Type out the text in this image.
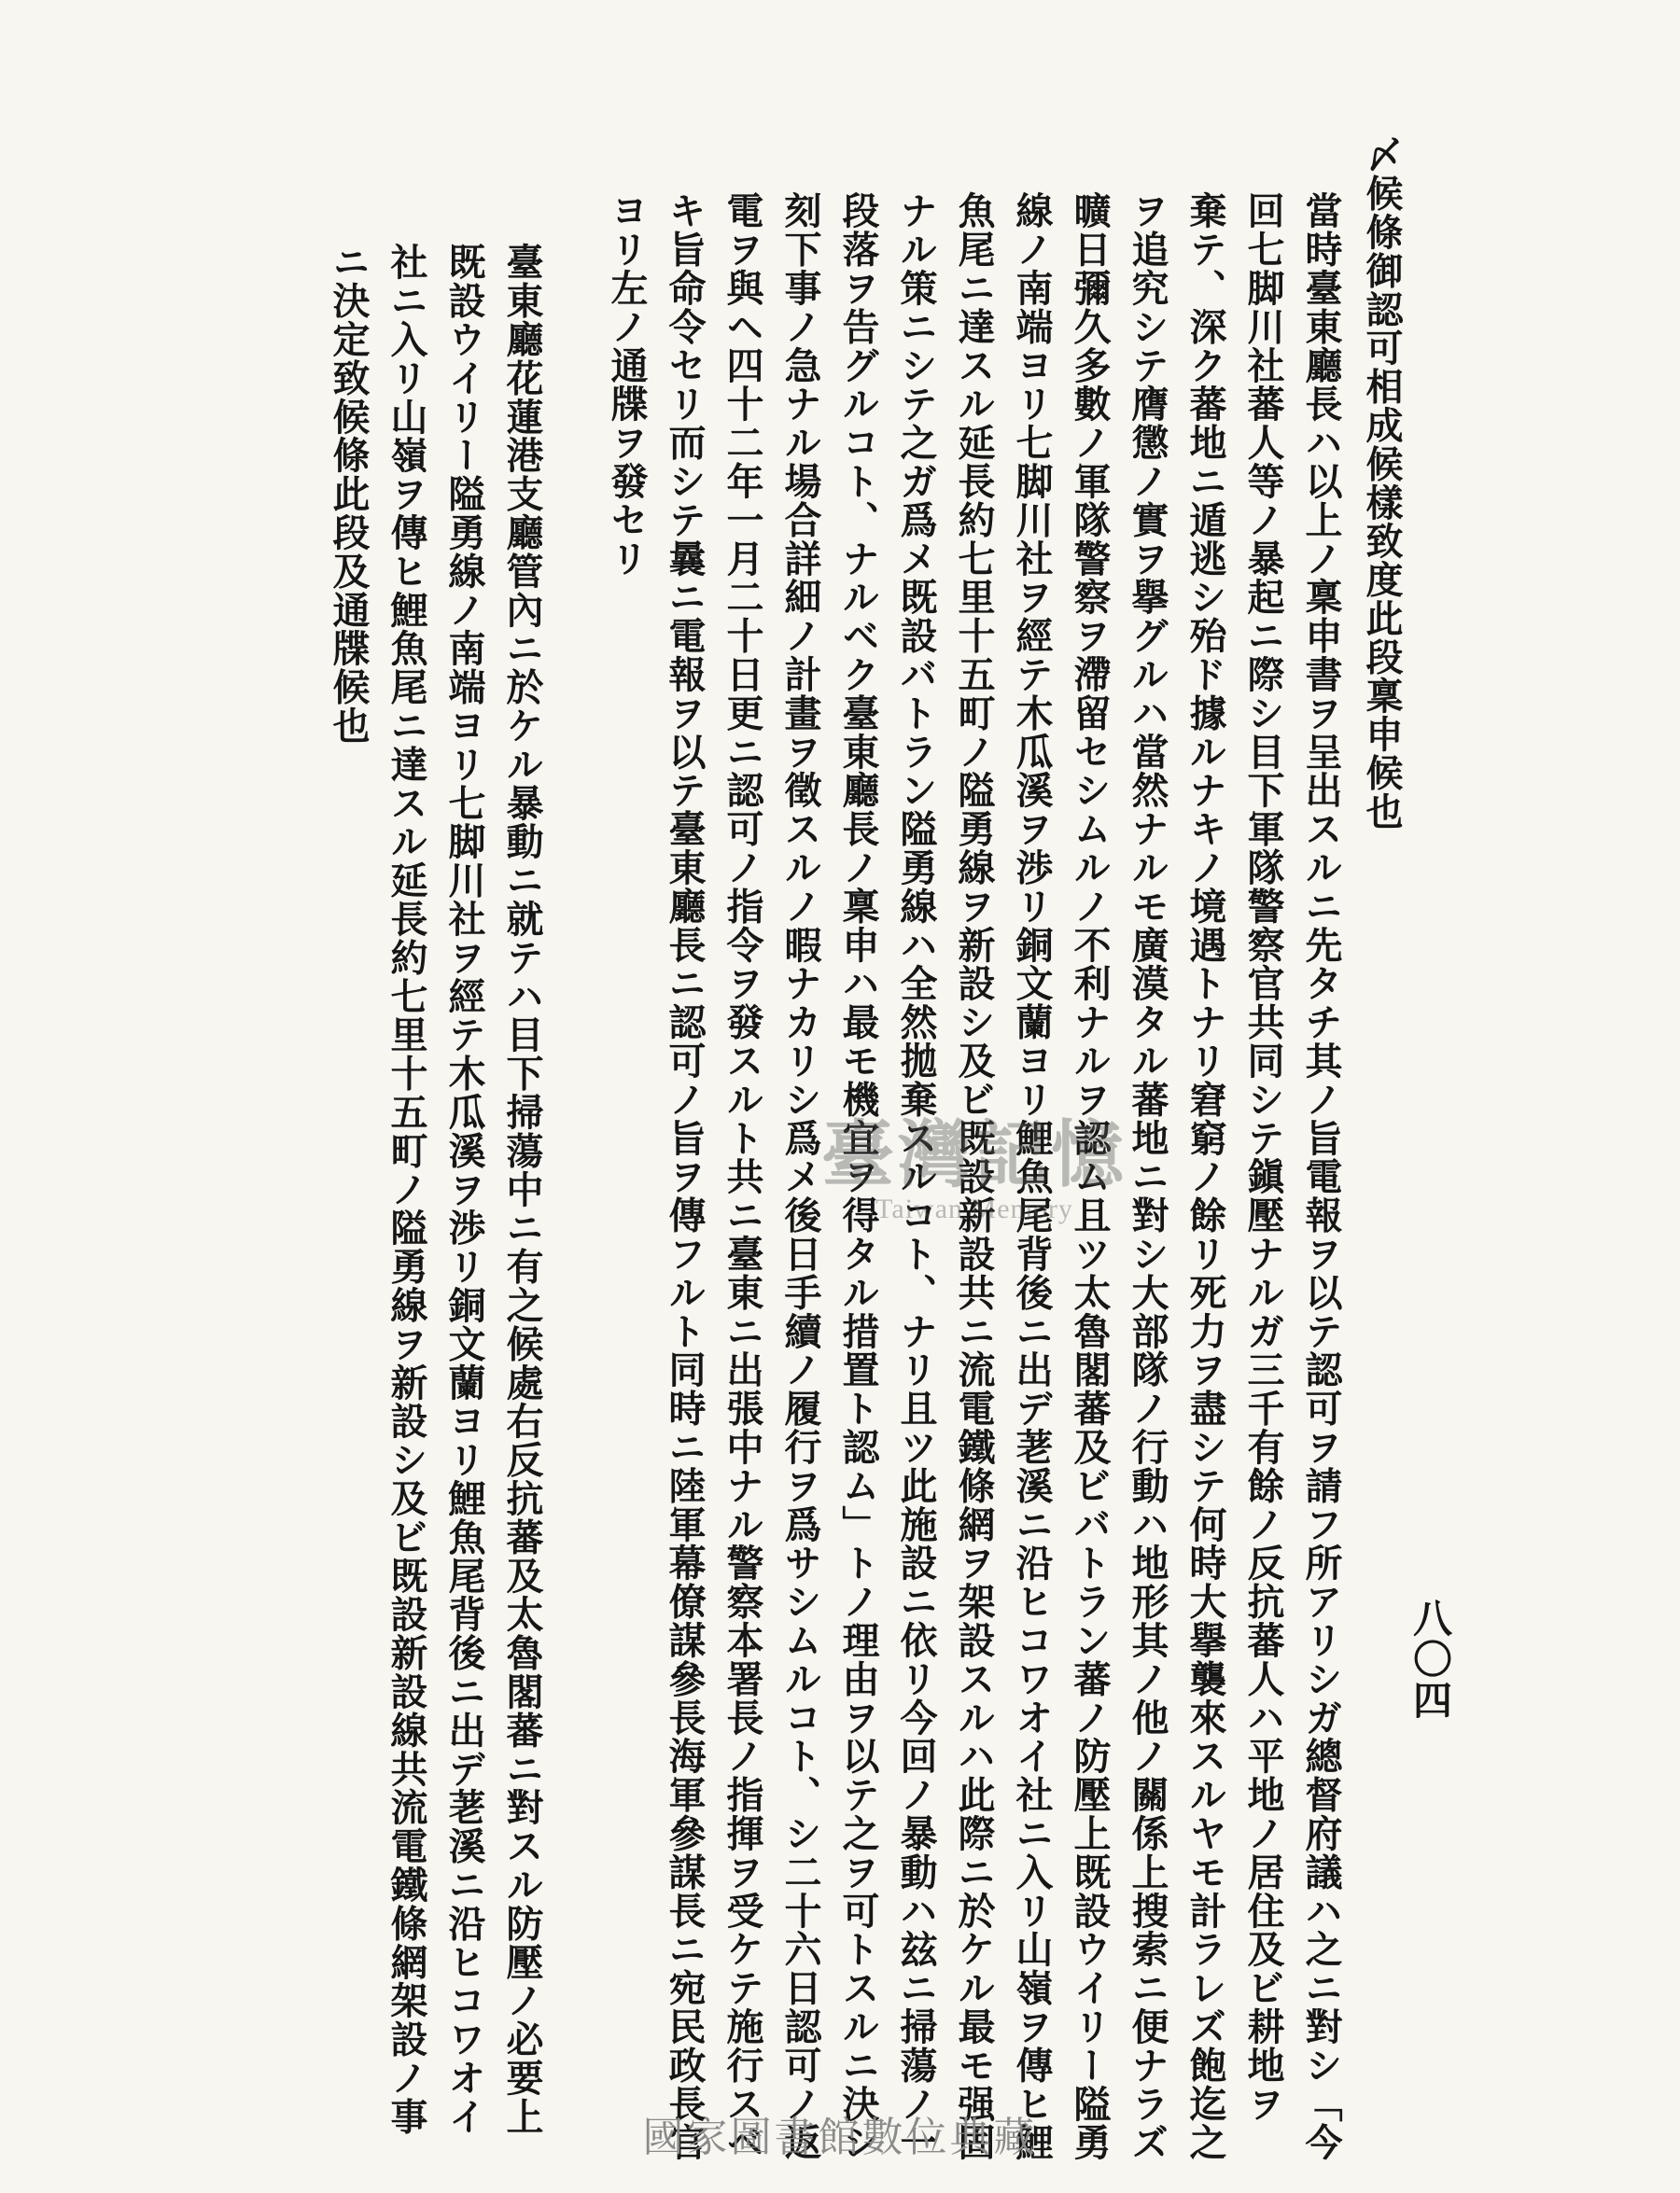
八〇四
〆候條御認可相成候樣致度此段稟申候也
當時臺東廳長ハ以上ノ稟申書ヲ呈出スルニ先タチ其ノ旨電報ヲ以テ認可ヲ請フ所アリシガ總督府議ハ之ニ對シ「今
回七脚川社蕃人等ノ暴起ニ際シ目下軍隊警察官共同シテ鎭壓ナルガ三千有餘ノ反抗蕃人ハ平地ノ居住及ビ耕地ヲ
棄テ、深ク蕃地ニ遁逃シ殆ド據ルナキノ境遇トナリ窘窮ノ餘リ死力ヲ盡シテ何時大擧襲來スルヤモ計ラレズ飽迄之
ヲ追究シテ膺懲ノ實ヲ擧グルハ當然ナルモ廣漠タル蕃地ニ對シ大部隊ノ行動ハ地形其ノ他ノ關係上搜索ニ便ナラズ
曠日彌久多數ノ軍隊警察ヲ滯留セシムルノ不利ナルヲ認ム且ツ太魯閣蕃及ビバトラン蕃ノ防壓上既設ウイリー隘勇
線ノ南端ヨリ七脚川社ヲ經テ木瓜溪ヲ渉リ銅文蘭ヨリ鯉魚尾背後ニ出デ荖溪ニ沿ヒコワオイ社ニ入リ山嶺ヲ傳ヒ鯉
魚尾ニ達スル延長約七里十五町ノ隘勇線ヲ新設シ及ビ既設新設共ニ流電鐵條網ヲ架設スルハ此際ニ於ケル最モ强固
ナル策ニシテ之ガ爲メ既設バトラン隘勇線ハ全然拋棄スルコト、ナリ且ツ此施設ニ依リ今回ノ暴動ハ玆ニ掃蕩ノ一
段落ヲ告グルコト、ナルベク臺東廳長ノ稟申ハ最モ機宜ヲ得タル措置ト認ム」トノ理由ヲ以テ之ヲ可トスルニ決シ
刻下事ノ急ナル場合詳細ノ計畫ヲ徵スルノ暇ナカリシ爲メ後日手續ノ履行ヲ爲サシムルコト、シ二十六日認可ノ返
電ヲ與ヘ四十二年一月二十日更ニ認可ノ指令ヲ發スルト共ニ臺東ニ出張中ナル警察本署長ノ指揮ヲ受ケテ施行スベ
キ旨命令セリ而シテ曩ニ電報ヲ以テ臺東廳長ニ認可ノ旨ヲ傳フルト同時ニ陸軍幕僚謀參長海軍參謀長ニ宛民政長官
ヨリ左ノ通牒ヲ發セリ
臺東廳花蓮港支廳管內ニ於ケル暴動ニ就テハ目下掃蕩中ニ有之候處右反抗蕃及太魯閣蕃ニ對スル防壓ノ必要上
既設ウイリー隘勇線ノ南端ヨリ七脚川社ヲ經テ木瓜溪ヲ渉リ銅文蘭ヨリ鯉魚尾背後ニ出デ荖溪ニ沿ヒコワオイ
社ニ入リ山嶺ヲ傳ヒ鯉魚尾ニ達スル延長約七里十五町ノ隘勇線ヲ新設シ及ビ既設新設線共流電鐵條網架設ノ事
ニ決定致候條此段及通牒候也
臺灣記憶
Taiwan Memory
國家圖書館數位典藏
